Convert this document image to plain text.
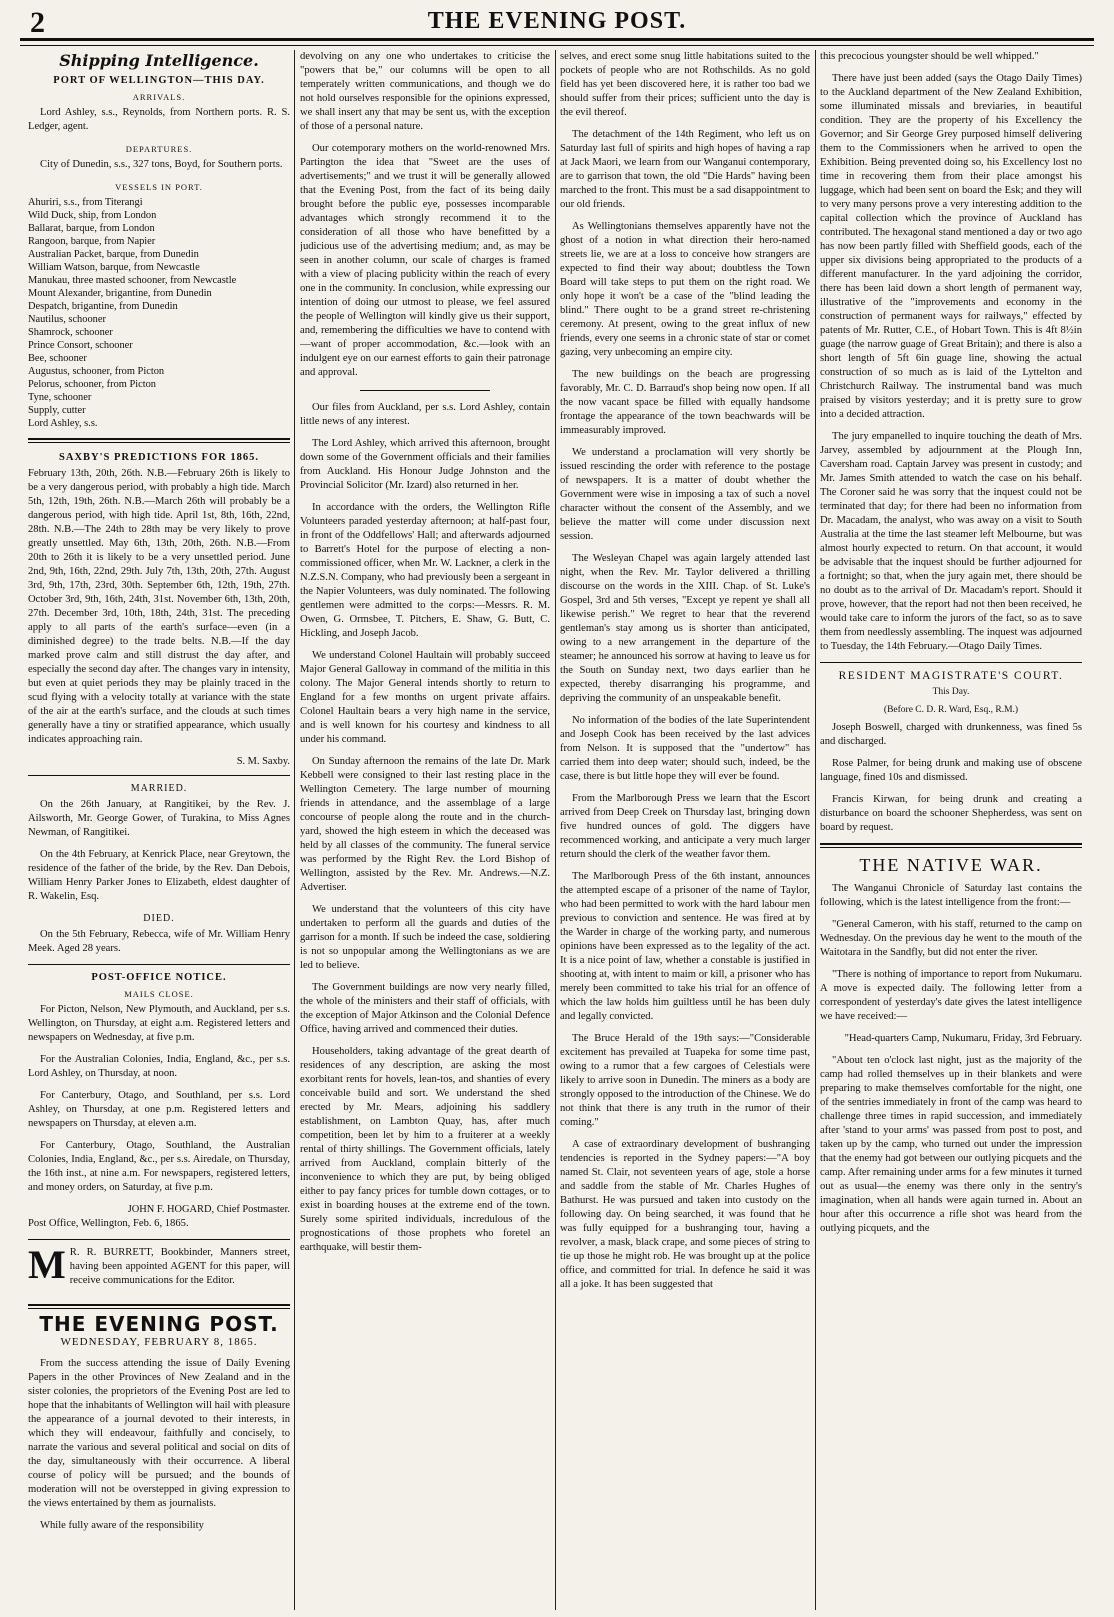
2	THE EVENING POST.
Shipping Intelligence.
PORT OF WELLINGTON—THIS DAY.
ARRIVALS.

Lord Ashley, s.s., Reynolds, from Northern ports. R. S. Ledger, agent.

DEPARTURES.

City of Dunedin, s.s., 327 tons, Boyd, for Southern ports.

VESSELS IN PORT.
Ahuriri, s.s., from Titerangi
Wild Duck, ship, from London
Ballarat, barque, from London
Rangoon, barque, from Napier
Australian Packet, barque, from Dunedin
William Watson, barque, from Newcastle
Manukau, three masted schooner, from Newcastle
Mount Alexander, brigantine, from Dunedin
Despatch, brigantine, from Dunedin
Nautilus, schooner
Shamrock, schooner
Prince Consort, schooner
Bee, schooner
Augustus, schooner, from Picton
Pelorus, schooner, from Picton
Tyne, schooner
Supply, cutter
Lord Ashley, s.s.
SAXBY'S PREDICTIONS FOR 1865.

February 13th, 20th, 26th. N.B.—February 26th is likely to be a very dangerous period, with probably a high tide. March 5th, 12th, 19th, 26th. N.B.—March 26th will probably be a dangerous period, with high tide. April 1st, 8th, 16th, 22nd, 28th. N.B.—The 24th to 28th may be very likely to prove greatly unsettled. May 6th, 13th, 20th, 26th. N.B.—From 20th to 26th it is likely to be a very unsettled period. June 2nd, 9th, 16th, 22nd, 29th. July 7th, 13th, 20th, 27th. August 3rd, 9th, 17th, 23rd, 30th. September 6th, 12th, 19th, 27th. October 3rd, 9th, 16th, 24th, 31st. November 6th, 13th, 20th, 27th. December 3rd, 10th, 18th, 24th, 31st. The preceding apply to all parts of the earth's surface—even (in a diminished degree) to the trade belts. N.B.—If the day marked prove calm and still distrust the day after, and especially the second day after. The changes vary in intensity, but even at quiet periods they may be plainly traced in the scud flying with a velocity totally at variance with the state of the air at the earth's surface, and the clouds at such times generally have a tiny or stratified appearance, which usually indicates approaching rain.

S. M. Saxby.
MARRIED.

On the 26th January, at Rangitikei, by the Rev. J. Ailsworth, Mr. George Gower, of Turakina, to Miss Agnes Newman, of Rangitikei.

On the 4th February, at Kenrick Place, near Greytown, the residence of the father of the bride, by the Rev. Dan Debois, William Henry Parker Jones to Elizabeth, eldest daughter of R. Wakelin, Esq.

DIED.

On the 5th February, Rebecca, wife of Mr. William Henry Meek. Aged 28 years.

POST-OFFICE NOTICE.
MAILS CLOSE.

For Picton, Nelson, New Plymouth, and Auckland, per s.s. Wellington, on Thursday, at eight a.m. Registered letters and newspapers on Wednesday, at five p.m.

For the Australian Colonies, India, England, &c., per s.s. Lord Ashley, on Thursday, at noon.

For Canterbury, Otago, and Southland, per s.s. Lord Ashley, on Thursday, at one p.m. Registered letters and newspapers on Thursday, at eleven a.m.

For Canterbury, Otago, Southland, the Australian Colonies, India, England, &c., per s.s. Airedale, on Thursday, the 16th inst., at nine a.m. For newspapers, registered letters, and money orders, on Saturday, at five p.m.

JOHN F. HOGARD, Chief Postmaster.

Post Office, Wellington, Feb. 6, 1865.

M R. R. BURRETT, Bookbinder, Manners street, having been appointed AGENT for this paper, will receive communications for the Editor.

THE EVENING POST.
WEDNESDAY, FEBRUARY 8, 1865.

From the success attending the issue of Daily Evening Papers in the other Provinces of New Zealand and in the sister colonies, the proprietors of the Evening Post are led to hope that the inhabitants of Wellington will hail with pleasure the appearance of a journal devoted to their interests, in which they will endeavour, faithfully and concisely, to narrate the various and several political and social on dits of the day, simultaneously with their occurrence. A liberal course of policy will be pursued; and the bounds of moderation will not be overstepped in giving expression to the views entertained by them as journalists.

While fully aware of the responsibility

devolving on any one who undertakes to criticise the "powers that be," our columns will be open to all temperately written communications, and though we do not hold ourselves responsible for the opinions expressed, we shall insert any that may be sent us, with the exception of those of a personal nature.

Our cotemporary mothers on the world-renowned Mrs. Partington the idea that "Sweet are the uses of advertisements;" and we trust it will be generally allowed that the Evening Post, from the fact of its being daily brought before the public eye, possesses incomparable advantages which strongly recommend it to the consideration of all those who have benefitted by a judicious use of the advertising medium; and, as may be seen in another column, our scale of charges is framed with a view of placing publicity within the reach of every one in the community. In conclusion, while expressing our intention of doing our utmost to please, we feel assured the people of Wellington will kindly give us their support, and, remembering the difficulties we have to contend with—want of proper accommodation, &c.—look with an indulgent eye on our earnest efforts to gain their patronage and approval.

Our files from Auckland, per s.s. Lord Ashley, contain little news of any interest.

The Lord Ashley, which arrived this afternoon, brought down some of the Government officials and their families from Auckland. His Honour Judge Johnston and the Provincial Solicitor (Mr. Izard) also returned in her.

In accordance with the orders, the Wellington Rifle Volunteers paraded yesterday afternoon; at half-past four, in front of the Oddfellows' Hall; and afterwards adjourned to Barrett's Hotel for the purpose of electing a non-commissioned officer, when Mr. W. Lackner, a clerk in the N.Z.S.N. Company, who had previously been a sergeant in the Napier Volunteers, was duly nominated. The following gentlemen were admitted to the corps:—Messrs. R. M. Owen, G. Ormsbee, T. Pitchers, E. Shaw, G. Butt, C. Hickling, and Joseph Jacob.

We understand Colonel Haultain will probably succeed Major General Galloway in command of the militia in this colony. The Major General intends shortly to return to England for a few months on urgent private affairs. Colonel Haultain bears a very high name in the service, and is well known for his courtesy and kindness to all under his command.

On Sunday afternoon the remains of the late Dr. Mark Kebbell were consigned to their last resting place in the Wellington Cemetery. The large number of mourning friends in attendance, and the assemblage of a large concourse of people along the route and in the church-yard, showed the high esteem in which the deceased was held by all classes of the community. The funeral service was performed by the Right Rev. the Lord Bishop of Wellington, assisted by the Rev. Mr. Andrews.—N.Z. Advertiser.

We understand that the volunteers of this city have undertaken to perform all the guards and duties of the garrison for a month. If such be indeed the case, soldiering is not so unpopular among the Wellingtonians as we are led to believe.

The Government buildings are now very nearly filled, the whole of the ministers and their staff of officials, with the exception of Major Atkinson and the Colonial Defence Office, having arrived and commenced their duties.

Householders, taking advantage of the great dearth of residences of any description, are asking the most exorbitant rents for hovels, lean-tos, and shanties of every conceivable build and sort. We understand the shed erected by Mr. Mears, adjoining his saddlery establishment, on Lambton Quay, has, after much competition, been let by him to a fruiterer at a weekly rental of thirty shillings. The Government officials, lately arrived from Auckland, complain bitterly of the inconvenience to which they are put, by being obliged either to pay fancy prices for tumble down cottages, or to exist in boarding houses at the extreme end of the town. Surely some spirited individuals, incredulous of the prognostications of those prophets who foretel an earthquake, will bestir them-

selves, and erect some snug little habitations suited to the pockets of people who are not Rothschilds. As no gold field has yet been discovered here, it is rather too bad we should suffer from their prices; sufficient unto the day is the evil thereof.

The detachment of the 14th Regiment, who left us on Saturday last full of spirits and high hopes of having a rap at Jack Maori, we learn from our Wanganui contemporary, are to garrison that town, the old "Die Hards" having been marched to the front. This must be a sad disappointment to our old friends.

As Wellingtonians themselves apparently have not the ghost of a notion in what direction their hero-named streets lie, we are at a loss to conceive how strangers are expected to find their way about; doubtless the Town Board will take steps to put them on the right road. We only hope it won't be a case of the "blind leading the blind." There ought to be a grand street re-christening ceremony. At present, owing to the great influx of new friends, every one seems in a chronic state of star or comet gazing, very unbecoming an empire city.

The new buildings on the beach are progressing favorably, Mr. C. D. Barraud's shop being now open. If all the now vacant space be filled with equally handsome frontage the appearance of the town beachwards will be immeasurably improved.

We understand a proclamation will very shortly be issued rescinding the order with reference to the postage of newspapers. It is a matter of doubt whether the Government were wise in imposing a tax of such a novel character without the consent of the Assembly, and we believe the matter will come under discussion next session.

The Wesleyan Chapel was again largely attended last night, when the Rev. Mr. Taylor delivered a thrilling discourse on the words in the XIII. Chap. of St. Luke's Gospel, 3rd and 5th verses, "Except ye repent ye shall all likewise perish." We regret to hear that the reverend gentleman's stay among us is shorter than anticipated, owing to a new arrangement in the departure of the steamer; he announced his sorrow at having to leave us for the South on Sunday next, two days earlier than he expected, thereby disarranging his programme, and depriving the community of an unspeakable benefit.

No information of the bodies of the late Superintendent and Joseph Cook has been received by the last advices from Nelson. It is supposed that the "undertow" has carried them into deep water; should such, indeed, be the case, there is but little hope they will ever be found.

From the Marlborough Press we learn that the Escort arrived from Deep Creek on Thursday last, bringing down five hundred ounces of gold. The diggers have recommenced working, and anticipate a very much larger return should the clerk of the weather favor them.

The Marlborough Press of the 6th instant, announces the attempted escape of a prisoner of the name of Taylor, who had been permitted to work with the hard labour men previous to conviction and sentence. He was fired at by the Warder in charge of the working party, and numerous opinions have been expressed as to the legality of the act. It is a nice point of law, whether a constable is justified in shooting at, with intent to maim or kill, a prisoner who has merely been committed to take his trial for an offence of which the law holds him guiltless until he has been duly and legally convicted.

The Bruce Herald of the 19th says:—"Considerable excitement has prevailed at Tuapeka for some time past, owing to a rumor that a few cargoes of Celestials were likely to arrive soon in Dunedin. The miners as a body are strongly opposed to the introduction of the Chinese. We do not think that there is any truth in the rumor of their coming."

A case of extraordinary development of bushranging tendencies is reported in the Sydney papers:—"A boy named St. Clair, not seventeen years of age, stole a horse and saddle from the stable of Mr. Charles Hughes of Bathurst. He was pursued and taken into custody on the following day. On being searched, it was found that he was fully equipped for a bushranging tour, having a revolver, a mask, black crape, and some pieces of string to tie up those he might rob. He was brought up at the police office, and committed for trial. In defence he said it was all a joke. It has been suggested that

this precocious youngster should be well whipped."

There have just been added (says the Otago Daily Times) to the Auckland department of the New Zealand Exhibition, some illuminated missals and breviaries, in beautiful condition. They are the property of his Excellency the Governor; and Sir George Grey purposed himself delivering them to the Commissioners when he arrived to open the Exhibition. Being prevented doing so, his Excellency lost no time in recovering them from their place amongst his luggage, which had been sent on board the Esk; and they will to very many persons prove a very interesting addition to the capital collection which the province of Auckland has contributed. The hexagonal stand mentioned a day or two ago has now been partly filled with Sheffield goods, each of the upper six divisions being appropriated to the products of a different manufacturer. In the yard adjoining the corridor, there has been laid down a short length of permanent way, illustrative of the "improvements and economy in the construction of permanent ways for railways," effected by patents of Mr. Rutter, C.E., of Hobart Town. This is 4ft 8½in guage (the narrow guage of Great Britain); and there is also a short length of 5ft 6in guage line, showing the actual construction of so much as is laid of the Lyttelton and Christchurch Railway. The instrumental band was much praised by visitors yesterday; and it is pretty sure to grow into a decided attraction.

The jury empanelled to inquire touching the death of Mrs. Jarvey, assembled by adjournment at the Plough Inn, Caversham road. Captain Jarvey was present in custody; and Mr. James Smith attended to watch the case on his behalf. The Coroner said he was sorry that the inquest could not be terminated that day; for there had been no information from Dr. Macadam, the analyst, who was away on a visit to South Australia at the time the last steamer left Melbourne, but was almost hourly expected to return. On that account, it would be advisable that the inquest should be further adjourned for a fortnight; so that, when the jury again met, there should be no doubt as to the arrival of Dr. Macadam's report. Should it prove, however, that the report had not then been received, he would take care to inform the jurors of the fact, so as to save them from needlessly assembling. The inquest was adjourned to Tuesday, the 14th February.—Otago Daily Times.

RESIDENT MAGISTRATE'S COURT.
This Day.
(Before C. D. R. Ward, Esq., R.M.)

Joseph Boswell, charged with drunkenness, was fined 5s and discharged.

Rose Palmer, for being drunk and making use of obscene language, fined 10s and dismissed.

Francis Kirwan, for being drunk and creating a disturbance on board the schooner Shepherdess, was sent on board by request.

THE NATIVE WAR.

The Wanganui Chronicle of Saturday last contains the following, which is the latest intelligence from the front:—

"General Cameron, with his staff, returned to the camp on Wednesday. On the previous day he went to the mouth of the Waitotara in the Sandfly, but did not enter the river.

"There is nothing of importance to report from Nukumaru. A move is expected daily. The following letter from a correspondent of yesterday's date gives the latest intelligence we have received:—

"Head-quarters Camp, Nukumaru, Friday, 3rd February.

"About ten o'clock last night, just as the majority of the camp had rolled themselves up in their blankets and were preparing to make themselves comfortable for the night, one of the sentries immediately in front of the camp was heard to challenge three times in rapid succession, and immediately after 'stand to your arms' was passed from post to post, and taken up by the camp, who turned out under the impression that the enemy had got between our outlying picquets and the camp. After remaining under arms for a few minutes it turned out as usual—the enemy was there only in the sentry's imagination, when all hands were again turned in. About an hour after this occurrence a rifle shot was heard from the outlying picquets, and the
